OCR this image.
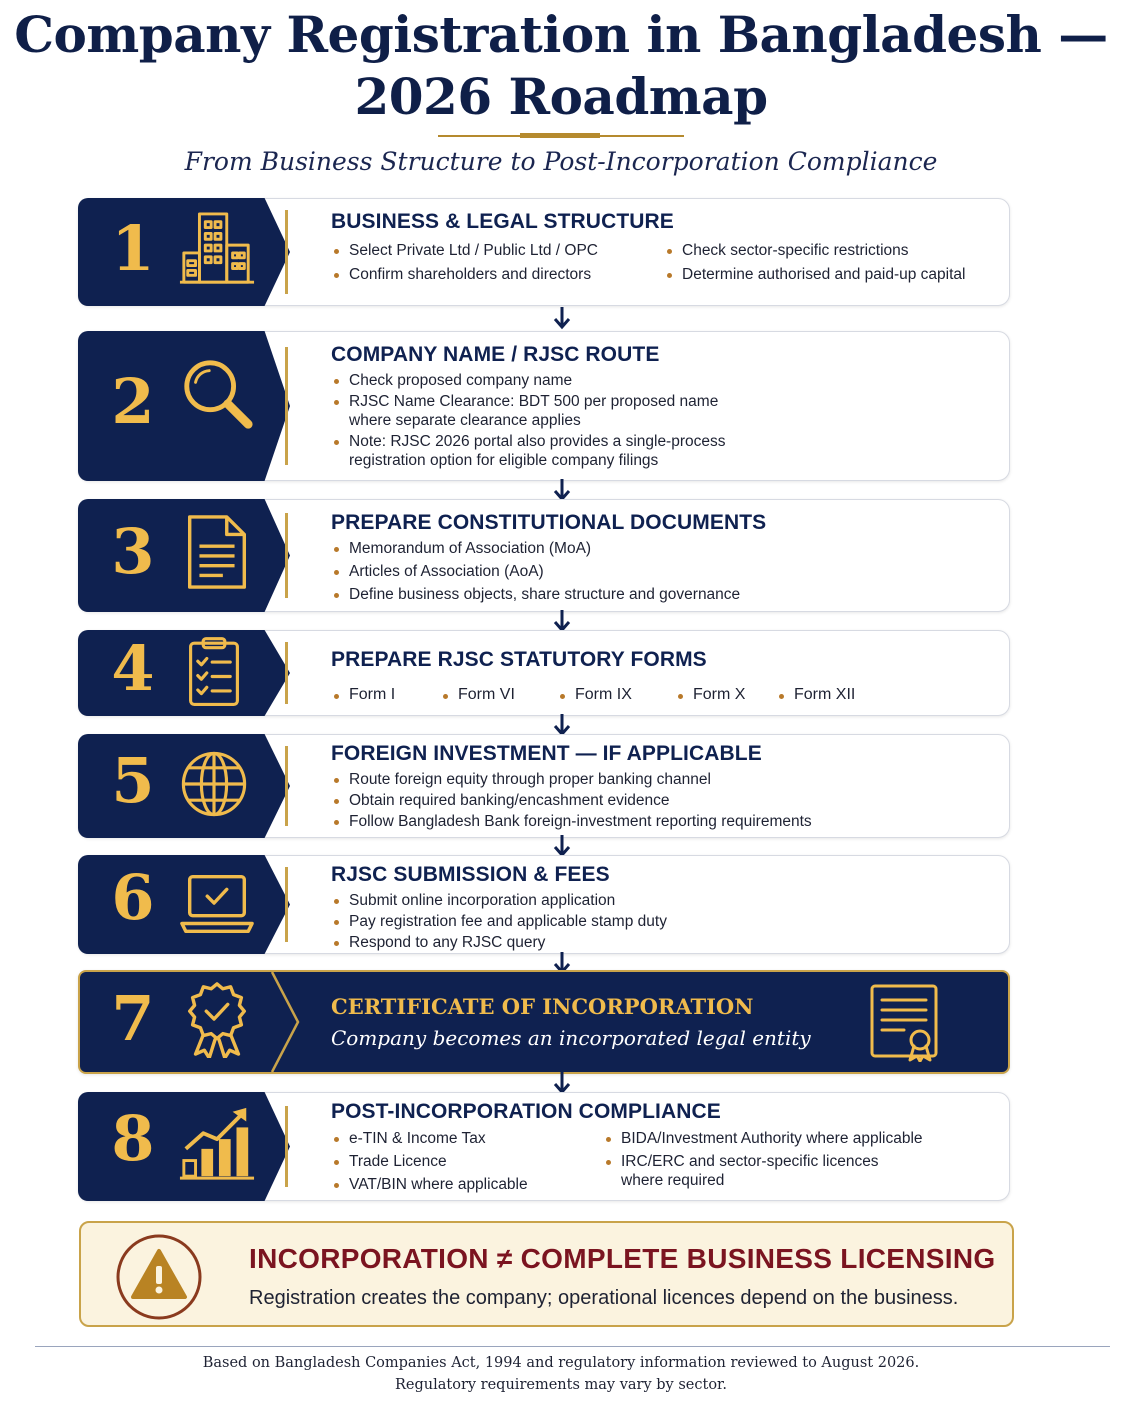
Company Registration in Bangladesh —
2026 Roadmap
From Business Structure to Post-Incorporation Compliance
1	BUSINESS & LEGAL STRUCTURE
Select Private Ltd / Public Ltd / OPC
Confirm shareholders and directors
Check sector-specific restrictions
Determine authorised and paid-up capital
2
COMPANY NAME / RJSC ROUTE
Check proposed company name
RJSC Name Clearance: BDT 500 per proposed name where separate clearance applies
Note: RJSC 2026 portal also provides a single-process registration option for eligible company filings
3	PREPARE CONSTITUTIONAL DOCUMENTS
Memorandum of Association (MoA)
Articles of Association (AoA)
Define business objects, share structure and governance
4	PREPARE RJSC STATUTORY FORMS
Form I	Form VI	Form IX	Form X	Form XII
5	FOREIGN INVESTMENT — IF APPLICABLE
Route foreign equity through proper banking channel
Obtain required banking/encashment evidence
Follow Bangladesh Bank foreign-investment reporting requirements
6	RJSC SUBMISSION & FEES
Submit online incorporation application
Pay registration fee and applicable stamp duty
Respond to any RJSC query
7	CERTIFICATE OF INCORPORATION
Company becomes an incorporated legal entity
8	POST-INCORPORATION COMPLIANCE
e-TIN & Income Tax
Trade Licence
VAT/BIN where applicable
BIDA/Investment Authority where applicable
IRC/ERC and sector-specific licences where required
INCORPORATION ≠ COMPLETE BUSINESS LICENSING
Registration creates the company; operational licences depend on the business.
Based on Bangladesh Companies Act, 1994 and regulatory information reviewed to August 2026.
Regulatory requirements may vary by sector.
